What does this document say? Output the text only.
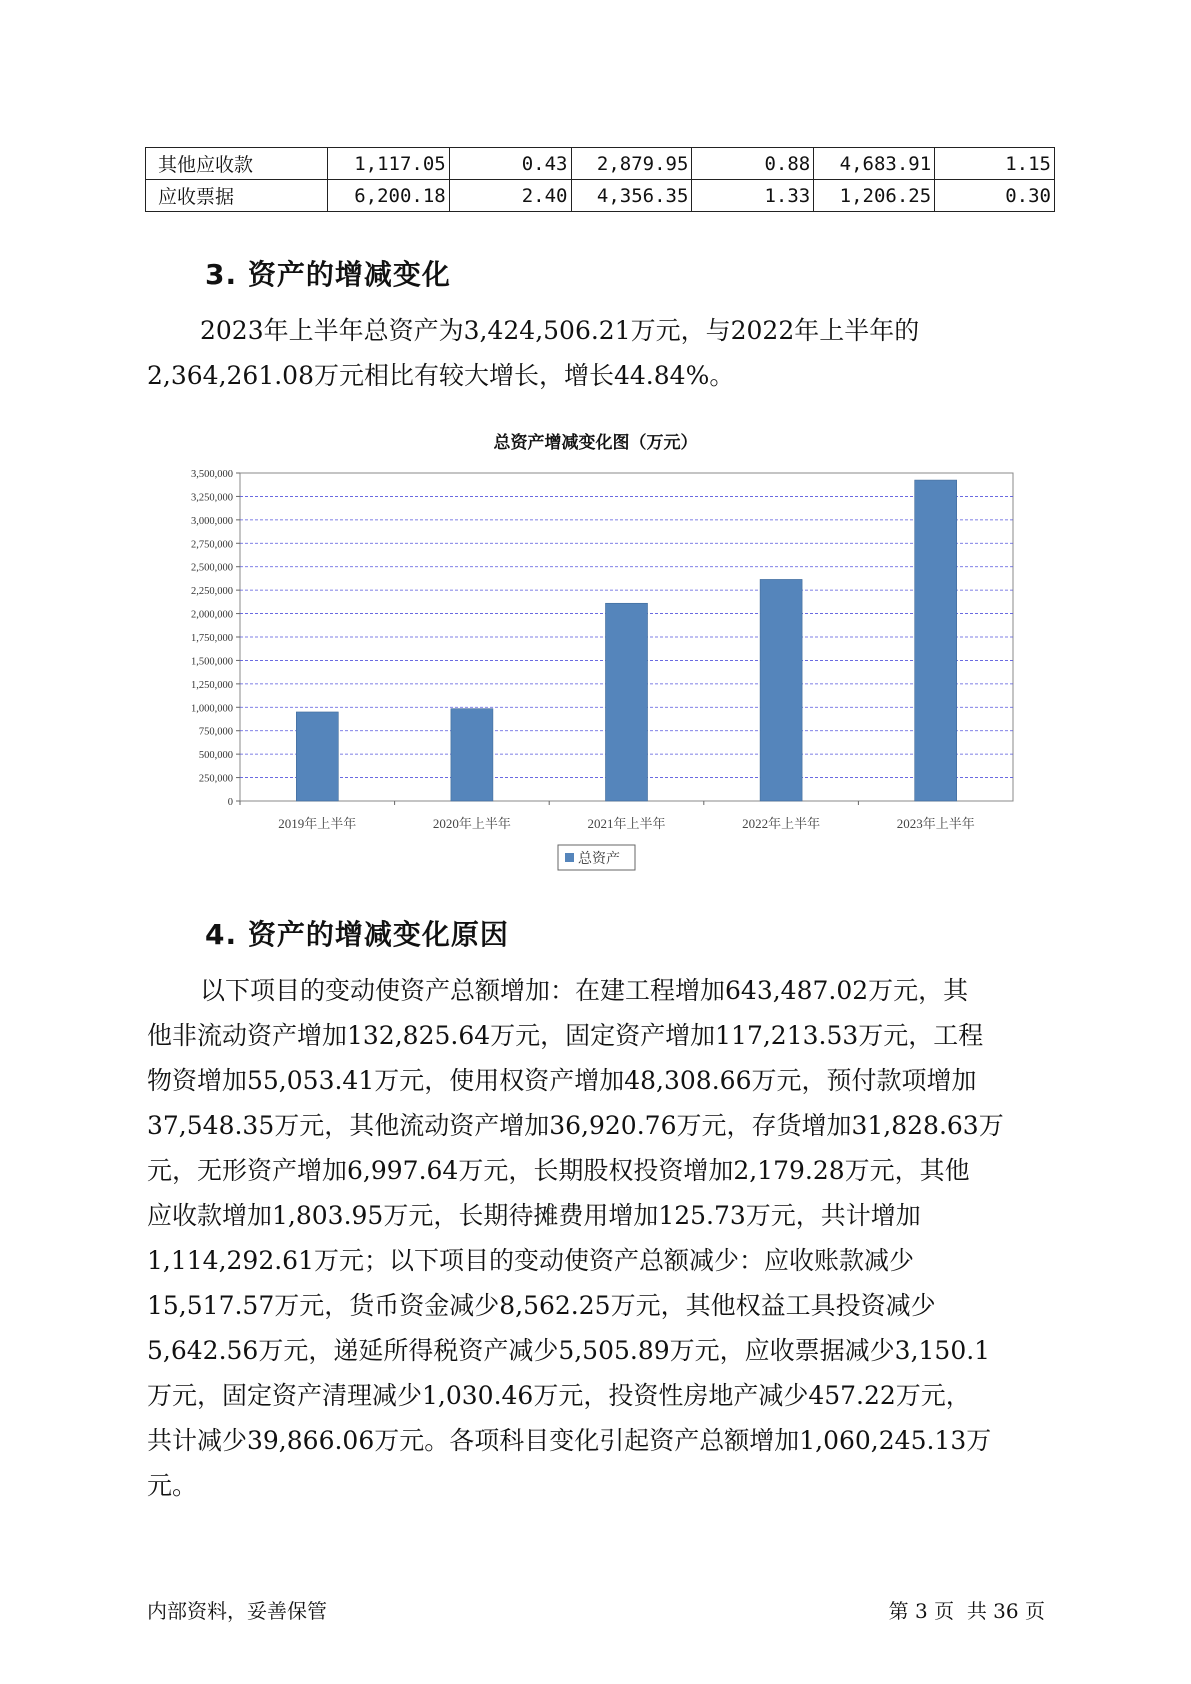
其他应收款	1,117.05	0.43	2,879.95	0.88	4,683.91	1.15
应收票据	6,200.18	2.40	4,356.35	1.33	1,206.25	0.30
3. 资产的增减变化
2023年上半年总资产为3,424,506.21万元，与2022年上半年的
2,364,261.08万元相比有较大增长，增长44.84%。
总资产增减变化图（万元）
0
250,000
500,000
750,000
1,000,000
1,250,000
1,500,000
1,750,000
2,000,000
2,250,000
2,500,000
2,750,000
3,000,000
3,250,000
3,500,000
2019年上半年	2020年上半年	2021年上半年	2022年上半年	2023年上半年
总资产
4. 资产的增减变化原因
以下项目的变动使资产总额增加：在建工程增加643,487.02万元，其
他非流动资产增加132,825.64万元，固定资产增加117,213.53万元，工程
物资增加55,053.41万元，使用权资产增加48,308.66万元，预付款项增加
37,548.35万元，其他流动资产增加36,920.76万元，存货增加31,828.63万
元，无形资产增加6,997.64万元，长期股权投资增加2,179.28万元，其他
应收款增加1,803.95万元，长期待摊费用增加125.73万元，共计增加
1,114,292.61万元；以下项目的变动使资产总额减少：应收账款减少
15,517.57万元，货币资金减少8,562.25万元，其他权益工具投资减少
5,642.56万元，递延所得税资产减少5,505.89万元，应收票据减少3,150.1
万元，固定资产清理减少1,030.46万元，投资性房地产减少457.22万元，
共计减少39,866.06万元。各项科目变化引起资产总额增加1,060,245.13万
元。
内部资料，妥善保管	第 3 页  共 36 页
